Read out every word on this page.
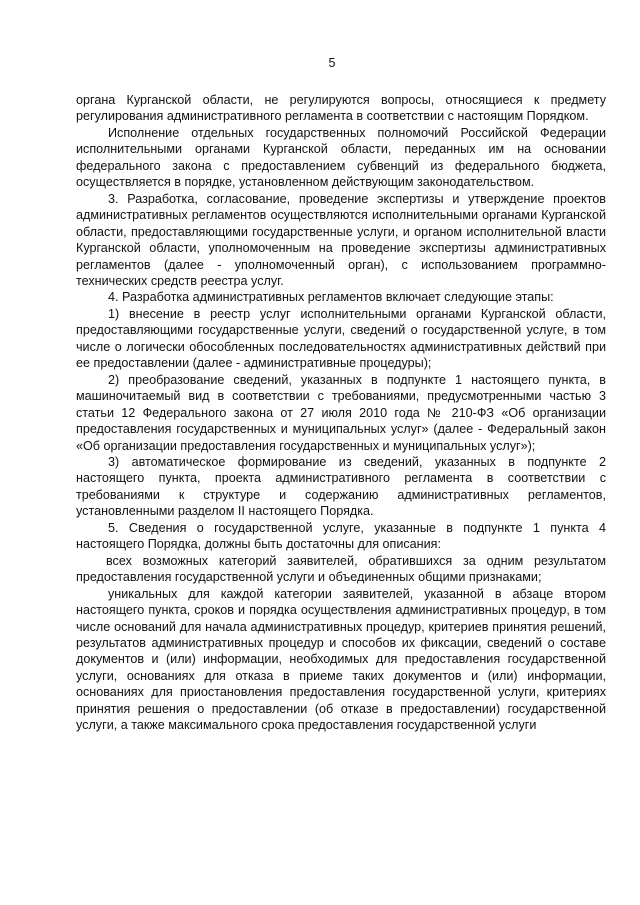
5

органа Курганской области, не регулируются вопросы, относящиеся к предмету регулирования административного регламента в соответствии с настоящим Порядком.

Исполнение отдельных государственных полномочий Российской Федерации исполнительными органами Курганской области, переданных им на основании федерального закона с предоставлением субвенций из федерального бюджета, осуществляется в порядке, установленном действующим законодательством.

3. Разработка, согласование, проведение экспертизы и утверждение проектов административных регламентов осуществляются исполнительными органами Курганской области, предоставляющими государственные услуги, и органом исполнительной власти Курганской области, уполномоченным на проведение экспертизы административных регламентов (далее - уполномоченный орган), с использованием программно-технических средств реестра услуг.

4. Разработка административных регламентов включает следующие этапы:

1) внесение в реестр услуг исполнительными органами Курганской области, предоставляющими государственные услуги, сведений о государственной услуге, в том числе о логически обособленных последовательностях административных действий при ее предоставлении (далее - административные процедуры);

2) преобразование сведений, указанных в подпункте 1 настоящего пункта, в машиночитаемый вид в соответствии с требованиями, предусмотренными частью 3 статьи 12 Федерального закона от 27 июля 2010 года № 210-ФЗ «Об организации предоставления государственных и муниципальных услуг» (далее - Федеральный закон «Об организации предоставления государственных и муниципальных услуг»);

3) автоматическое формирование из сведений, указанных в подпункте 2 настоящего пункта, проекта административного регламента в соответствии с требованиями к структуре и содержанию административных регламентов, установленными разделом II настоящего Порядка.

5. Сведения о государственной услуге, указанные в подпункте 1 пункта 4 настоящего Порядка, должны быть достаточны для описания:

всех возможных категорий заявителей, обратившихся за одним результатом предоставления государственной услуги и объединенных общими признаками;

уникальных для каждой категории заявителей, указанной в абзаце втором настоящего пункта, сроков и порядка осуществления административных процедур, в том числе оснований для начала административных процедур, критериев принятия решений, результатов административных процедур и способов их фиксации, сведений о составе документов и (или) информации, необходимых для предоставления государственной услуги, основаниях для отказа в приеме таких документов и (или) информации, основаниях для приостановления предоставления государственной услуги, критериях принятия решения о предоставлении (об отказе в предоставлении) государственной услуги, а также максимального срока предоставления государственной услуги
